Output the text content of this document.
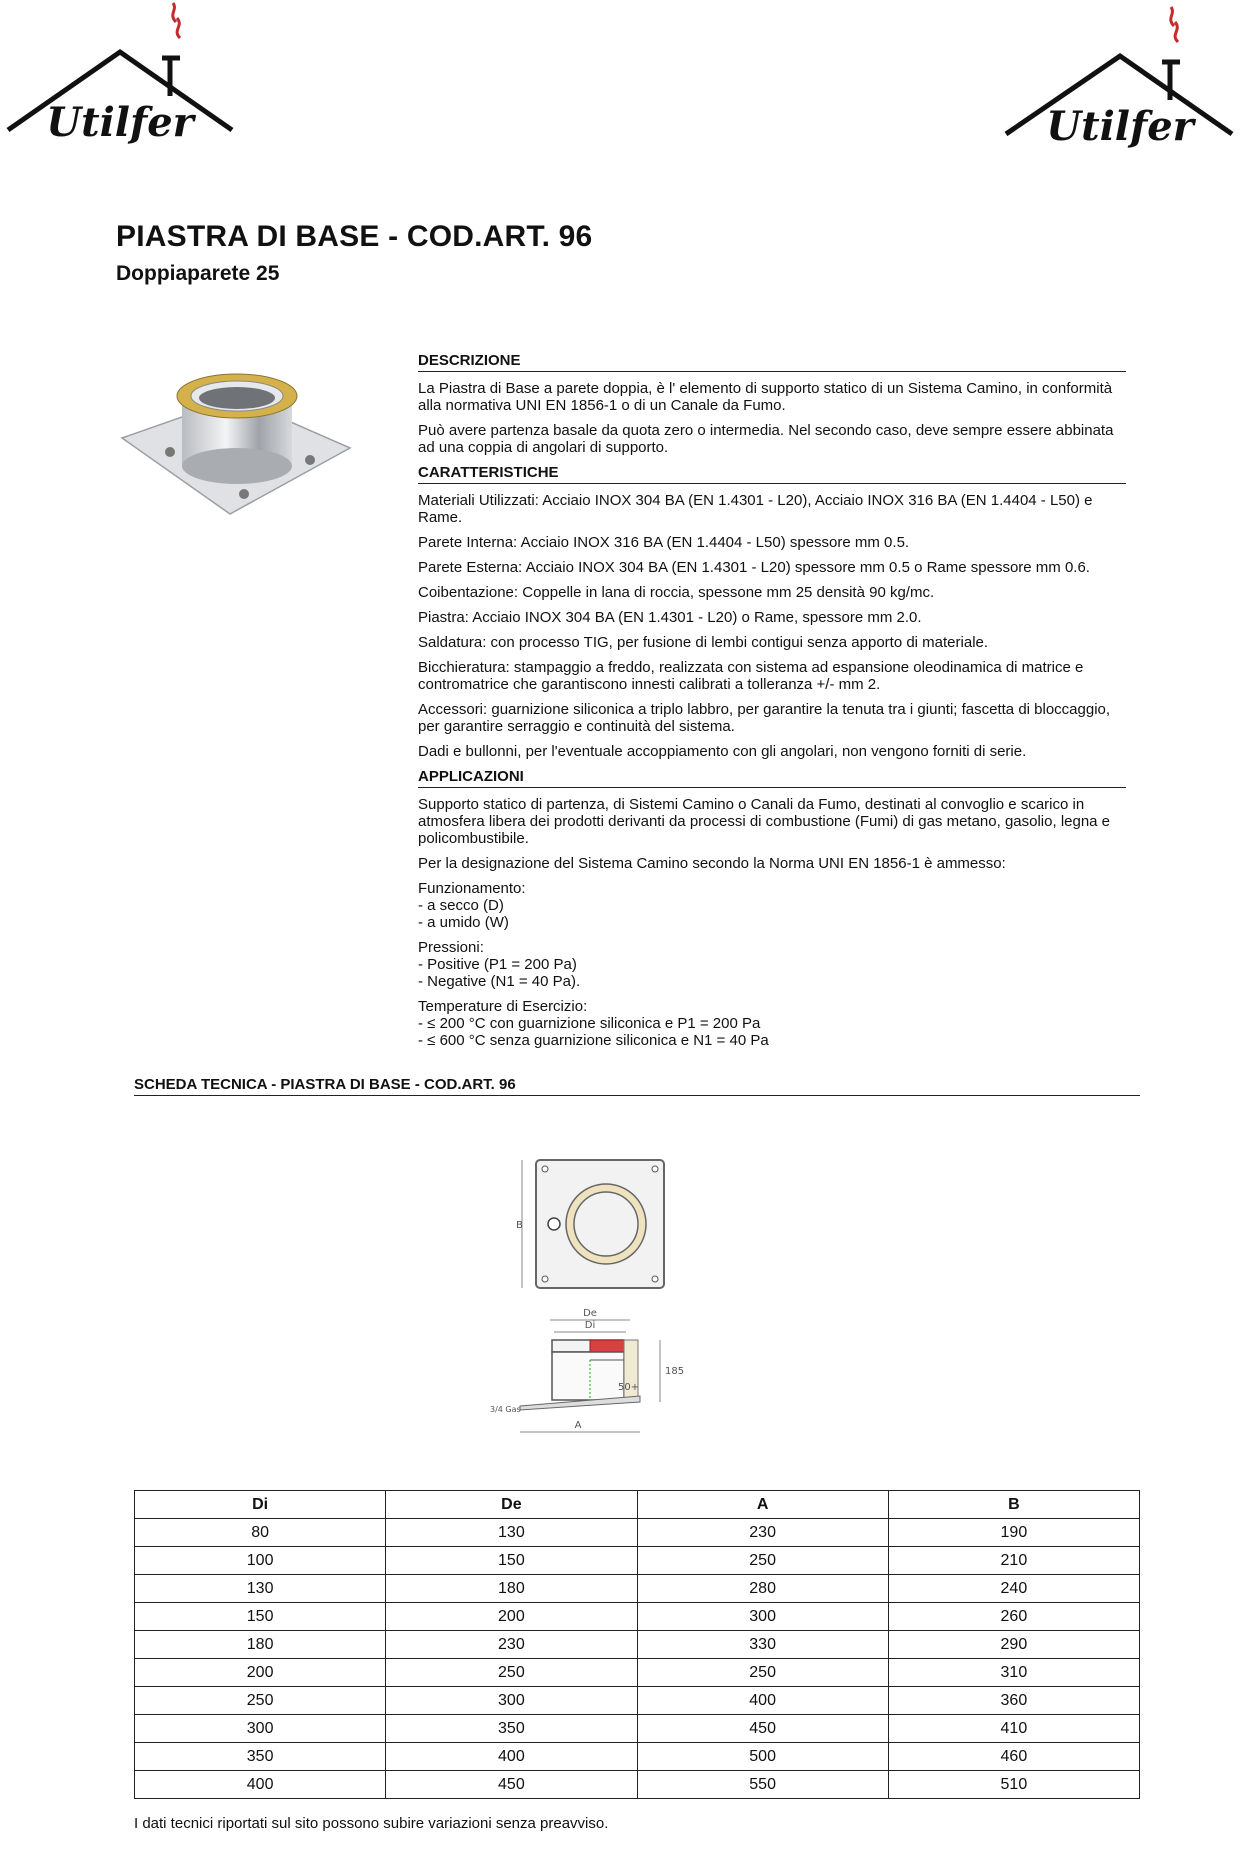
Utilfer	Utilfer
PIASTRA DI BASE - COD.ART. 96
Doppiaparete 25
DESCRIZIONE
La Piastra di Base a parete doppia, è l' elemento di supporto statico di un Sistema Camino, in conformità alla normativa UNI EN 1856-1 o di un Canale da Fumo.
Può avere partenza basale da quota zero o intermedia. Nel secondo caso, deve sempre essere abbinata ad una coppia di angolari di supporto.
CARATTERISTICHE
Materiali Utilizzati: Acciaio INOX 304 BA (EN 1.4301 - L20), Acciaio INOX 316 BA (EN 1.4404 - L50) e Rame.
Parete Interna: Acciaio INOX 316 BA (EN 1.4404 - L50) spessore mm 0.5.
Parete Esterna: Acciaio INOX 304 BA (EN 1.4301 - L20) spessore mm 0.5 o Rame spessore mm 0.6.
Coibentazione: Coppelle in lana di roccia, spessone mm 25 densità 90 kg/mc.
Piastra: Acciaio INOX 304 BA (EN 1.4301 - L20) o Rame, spessore mm 2.0.
Saldatura: con processo TIG, per fusione di lembi contigui senza apporto di materiale.
Bicchieratura: stampaggio a freddo, realizzata con sistema ad espansione oleodinamica di matrice e contromatrice che garantiscono innesti calibrati a tolleranza +/- mm 2.
Accessori: guarnizione siliconica a triplo labbro, per garantire la tenuta tra i giunti; fascetta di bloccaggio, per garantire serraggio e continuità del sistema.
Dadi e bullonni, per l'eventuale accoppiamento con gli angolari, non vengono forniti di serie.
APPLICAZIONI
Supporto statico di partenza, di Sistemi Camino o Canali da Fumo, destinati al convoglio e scarico in atmosfera libera dei prodotti derivanti da processi di combustione (Fumi) di gas metano, gasolio, legna e policombustibile.
Per la designazione del Sistema Camino secondo la Norma UNI EN 1856-1 è ammesso:
Funzionamento:
- a secco (D)
- a umido (W)
Pressioni:
- Positive (P1 = 200 Pa)
- Negative (N1 = 40 Pa).
Temperature di Esercizio:
- ≤ 200 °C con guarnizione siliconica e P1 = 200 Pa
- ≤ 600 °C senza guarnizione siliconica e N1 = 40 Pa
SCHEDA TECNICA - PIASTRA DI BASE - COD.ART. 96
B
De
Di
185
50+
3/4 Gas
A
Di	De	A	B
80	130	230	190
100	150	250	210
130	180	280	240
150	200	300	260
180	230	330	290
200	250	250	310
250	300	400	360
300	350	450	410
350	400	500	460
400	450	550	510
I dati tecnici riportati sul sito possono subire variazioni senza preavviso.
